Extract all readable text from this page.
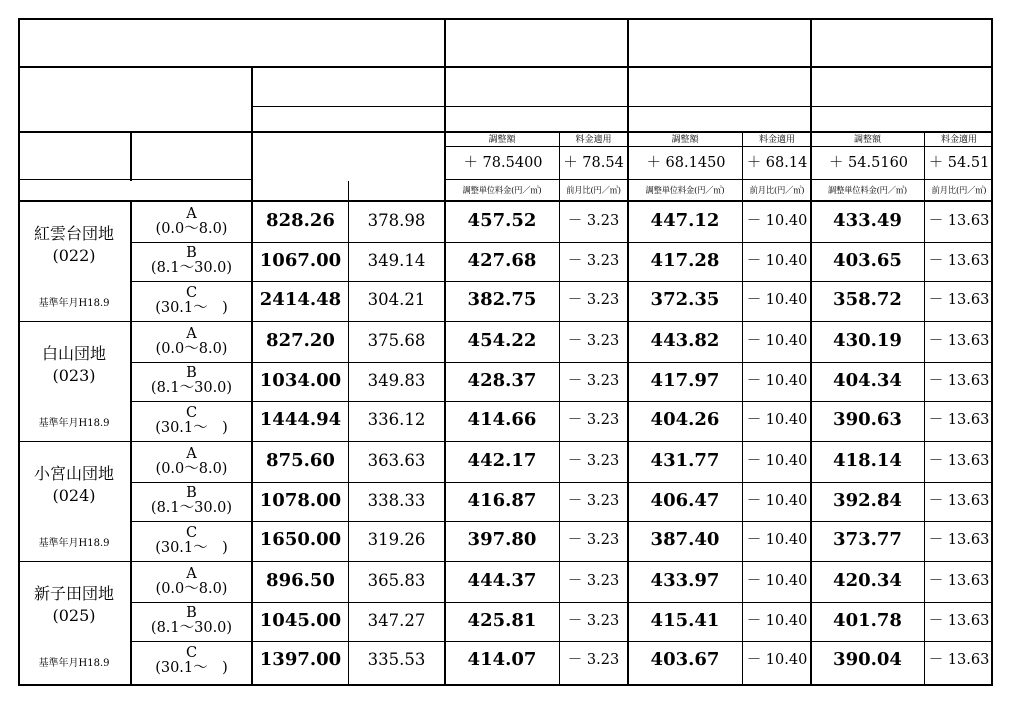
調整額	料金適用
＋ 78.5400	＋ 78.54
調整単位料金(円／㎥)	前月比(円／㎥)
調整額	料金適用
＋ 68.1450	＋ 68.14
調整単位料金(円／㎥)	前月比(円／㎥)
調整額	料金適用
＋ 54.5160	＋ 54.51
調整単位料金(円／㎥)	前月比(円／㎥)
紅雲台団地
(022)
基準年月H18.9
A
(0.0～8.0)	828.26	378.98	457.52	－ 3.23	447.12	－ 10.40	433.49	－ 13.63
B
(8.1～30.0)	1067.00	349.14	427.68	－ 3.23	417.28	－ 10.40	403.65	－ 13.63
C
(30.1～　)	2414.48	304.21	382.75	－ 3.23	372.35	－ 10.40	358.72	－ 13.63
白山団地
(023)
基準年月H18.9
A
(0.0～8.0)	827.20	375.68	454.22	－ 3.23	443.82	－ 10.40	430.19	－ 13.63
B
(8.1～30.0)	1034.00	349.83	428.37	－ 3.23	417.97	－ 10.40	404.34	－ 13.63
C
(30.1～　)	1444.94	336.12	414.66	－ 3.23	404.26	－ 10.40	390.63	－ 13.63
小宮山団地
(024)
基準年月H18.9
A
(0.0～8.0)	875.60	363.63	442.17	－ 3.23	431.77	－ 10.40	418.14	－ 13.63
B
(8.1～30.0)	1078.00	338.33	416.87	－ 3.23	406.47	－ 10.40	392.84	－ 13.63
C
(30.1～　)	1650.00	319.26	397.80	－ 3.23	387.40	－ 10.40	373.77	－ 13.63
新子田団地
(025)
基準年月H18.9
A
(0.0～8.0)	896.50	365.83	444.37	－ 3.23	433.97	－ 10.40	420.34	－ 13.63
B
(8.1～30.0)	1045.00	347.27	425.81	－ 3.23	415.41	－ 10.40	401.78	－ 13.63
C
(30.1～　)	1397.00	335.53	414.07	－ 3.23	403.67	－ 10.40	390.04	－ 13.63
